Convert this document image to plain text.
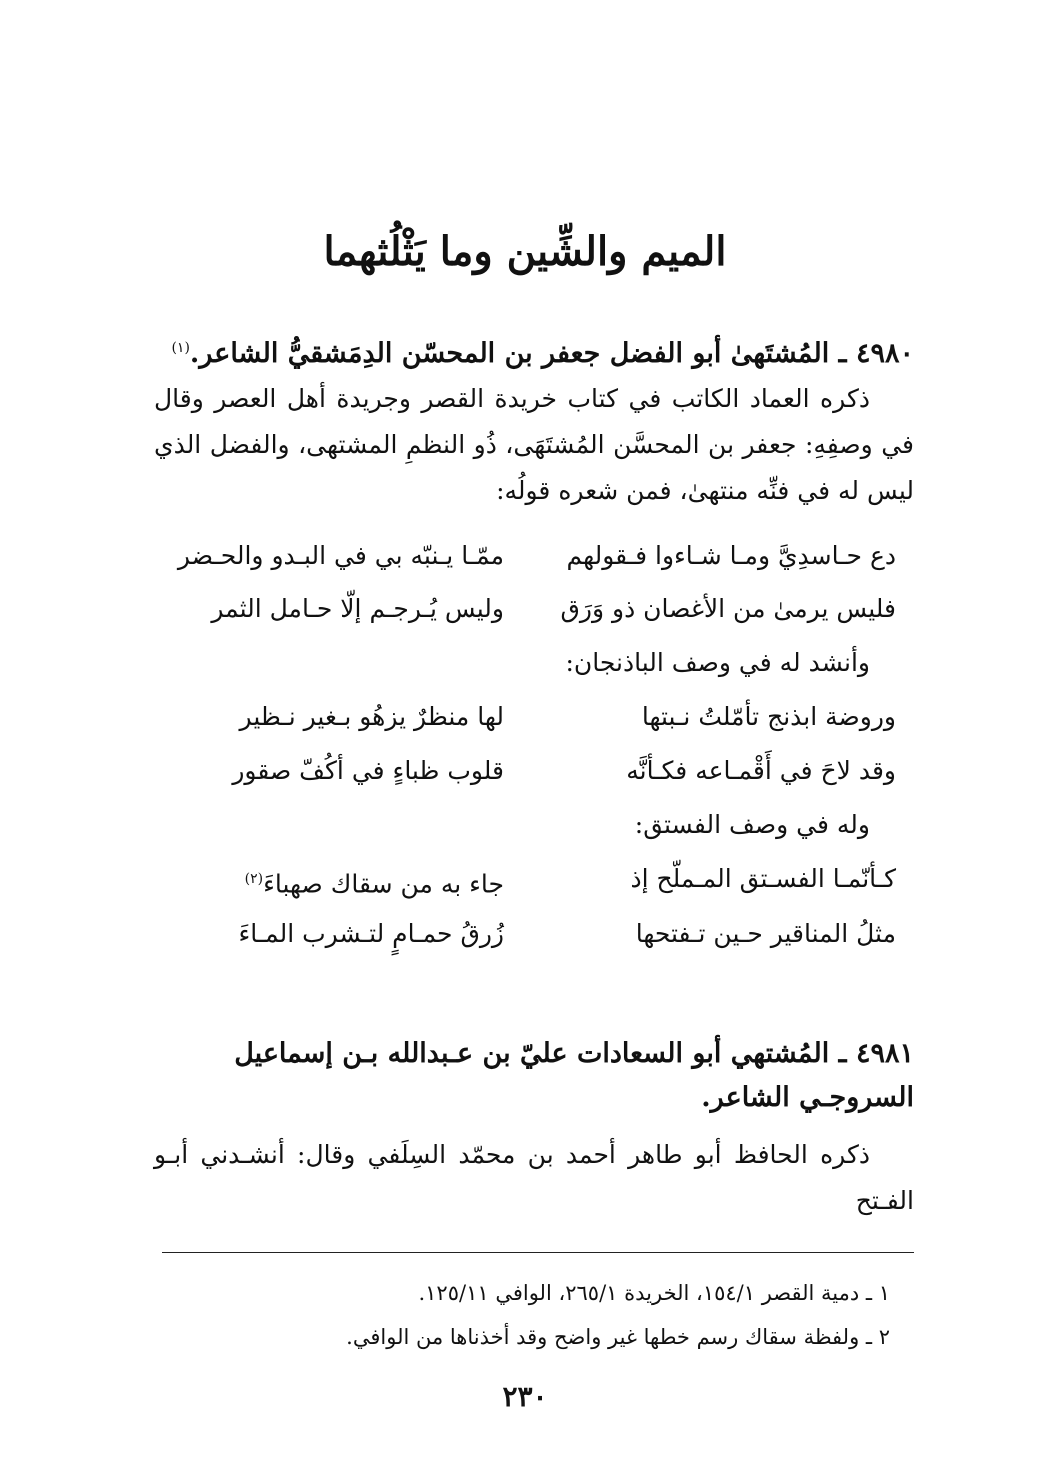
الميم والشِّين وما يَثْلُثهما
٤٩٨٠ ـ المُشتَهىٰ أبو الفضل جعفر بن المحسّن الدِمَشقيُّ الشاعر.$^{(١)}$
ذكره العماد الكاتب في كتاب خريدة القصر وجريدة أهل العصر وقال في وصفِهِ: جعفر بن المحسَّن المُشتَهَى، ذُو النظمِ المشتهى، والفضل الذي ليس له في فنِّه منتهىٰ، فمن شعره قولُه:
دع حـاسدِيَّ ومـا شـاءوا فـقولهم
ممّـا يـنبّه بي في البـدو والحـضر
فليس يرمىٰ من الأغصان ذو وَرَق
وليس يُـرجـم إلّا حـامل الثمر
وأنشد له في وصف الباذنجان:
وروضة ابذنج تأمّلتُ نـبتها
لها منظرٌ يزهُو بـغير نـظير
وقد لاحَ في أَقْمـاعه فكـأنَّه
قلوب ظباءٍ في أكُفّ صقور
وله في وصف الفستق:
كـأنّمـا الفسـتق المـملّح إذ
جاء به من سقاك صهباءَ$^{(٢)}$
مثلُ المناقير حـين تـفتحها
زُرقُ حمـامٍ لتـشرب المـاءَ
٤٩٨١ ـ المُشتهي أبو السعادات عليّ بن عـبدالله بـن إسماعيل السروجـي الشاعر.
ذكره الحافظ أبو طاهر أحمد بن محمّد السِلَفي وقال: أنشـدني أبـو الفـتح
١ ـ دمية القصر ١٥٤/١، الخريدة ٢٦٥/١، الوافي ١٢٥/١١.
٢ ـ ولفظة سقاك رسم خطها غير واضح وقد أخذناها من الوافي.
٢٣٠
